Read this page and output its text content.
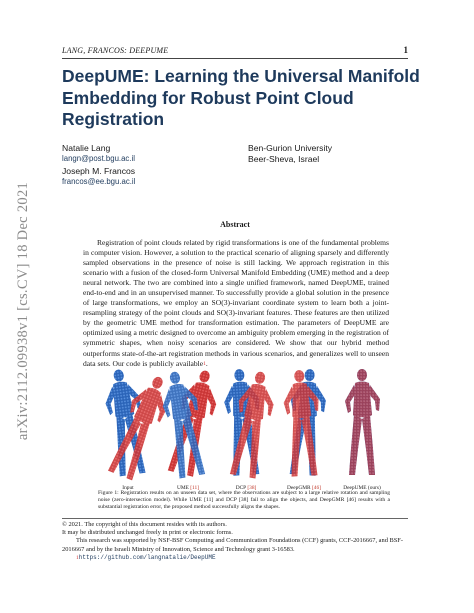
LANG, FRANCOS: DEEPUME	1
arXiv:2112.09938v1 [cs.CV] 18 Dec 2021
DeepUME: Learning the Universal Manifold Embedding for Robust Point Cloud Registration
Natalie Lang
langn@post.bgu.ac.il
Joseph M. Francos
francos@ee.bgu.ac.il
Ben-Gurion University
Beer-Sheva, Israel
Abstract
Registration of point clouds related by rigid transformations is one of the fundamental problems in computer vision. However, a solution to the practical scenario of aligning sparsely and differently sampled observations in the presence of noise is still lacking. We approach registration in this scenario with a fusion of the closed-form Universal Manifold Embedding (UME) method and a deep neural network. The two are combined into a single unified framework, named DeepUME, trained end-to-end and in an unsupervised manner. To successfully provide a global solution in the presence of large transformations, we employ an SO(3)-invariant coordinate system to learn both a joint-resampling strategy of the point clouds and SO(3)-invariant features. These features are then utilized by the geometric UME method for transformation estimation. The parameters of DeepUME are optimized using a metric designed to overcome an ambiguity problem emerging in the registration of symmetric shapes, when noisy scenarios are considered. We show that our hybrid method outperforms state-of-the-art registration methods in various scenarios, and generalizes well to unseen data sets. Our code is publicly available$^1$.
Input	UME [11]	DCP [38]	DeepGMR [46]	DeepUME (ours)
Figure 1: Registration results on an unseen data set, where the observations are subject to a large relative rotation and sampling noise (zero-intersection model). While UME [11] and DCP [38] fail to align the objects, and DeepGMR [46] results with a substantial registration error, the proposed method successfully aligns the shapes.
© 2021. The copyright of this document resides with its authors.
It may be distributed unchanged freely in print or electronic forms.
This research was supported by NSF-BSF Computing and Communication Foundations (CCF) grants, CCF-2016667, and BSF-2016667 and by the Israeli Ministry of Innovation, Science and Technology grant 3-16583.
$^1$https://github.com/langnatalie/DeepUME
